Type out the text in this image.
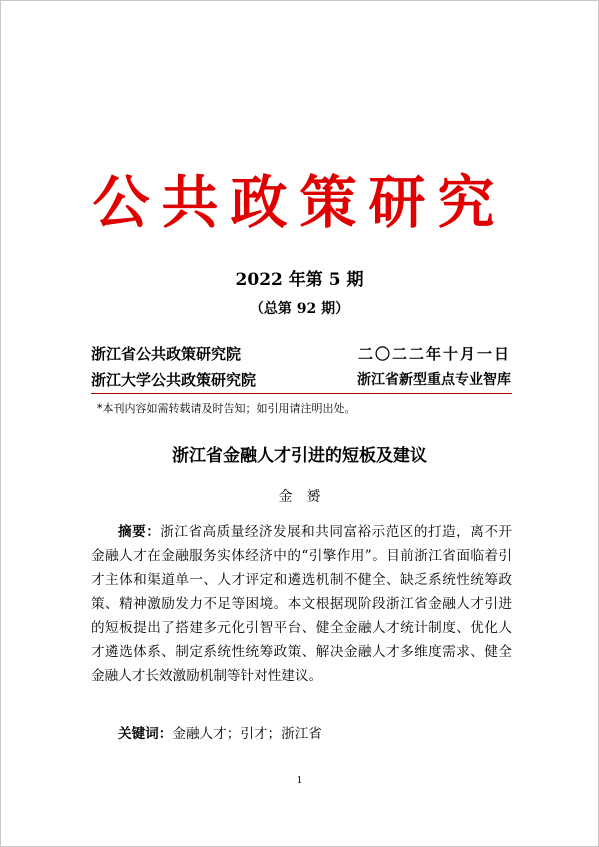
公共政策研究
2022 年第 5 期
（总第 92 期）
浙江省公共政策研究院	二〇二二年十月一日
浙江大学公共政策研究院	浙江省新型重点专业智库
*本刊内容如需转载请及时告知；如引用请注明出处。
浙江省金融人才引进的短板及建议
金赟

摘要：浙江省高质量经济发展和共同富裕示范区的打造，离不开金融人才在金融服务实体经济中的“引擎作用”。目前浙江省面临着引才主体和渠道单一、人才评定和遴选机制不健全、缺乏系统性统筹政策、精神激励发力不足等困境。本文根据现阶段浙江省金融人才引进的短板提出了搭建多元化引智平台、健全金融人才统计制度、优化人才遴选体系、制定系统性统筹政策、解决金融人才多维度需求、健全金融人才长效激励机制等针对性建议。

关键词：金融人才；引才；浙江省
1
